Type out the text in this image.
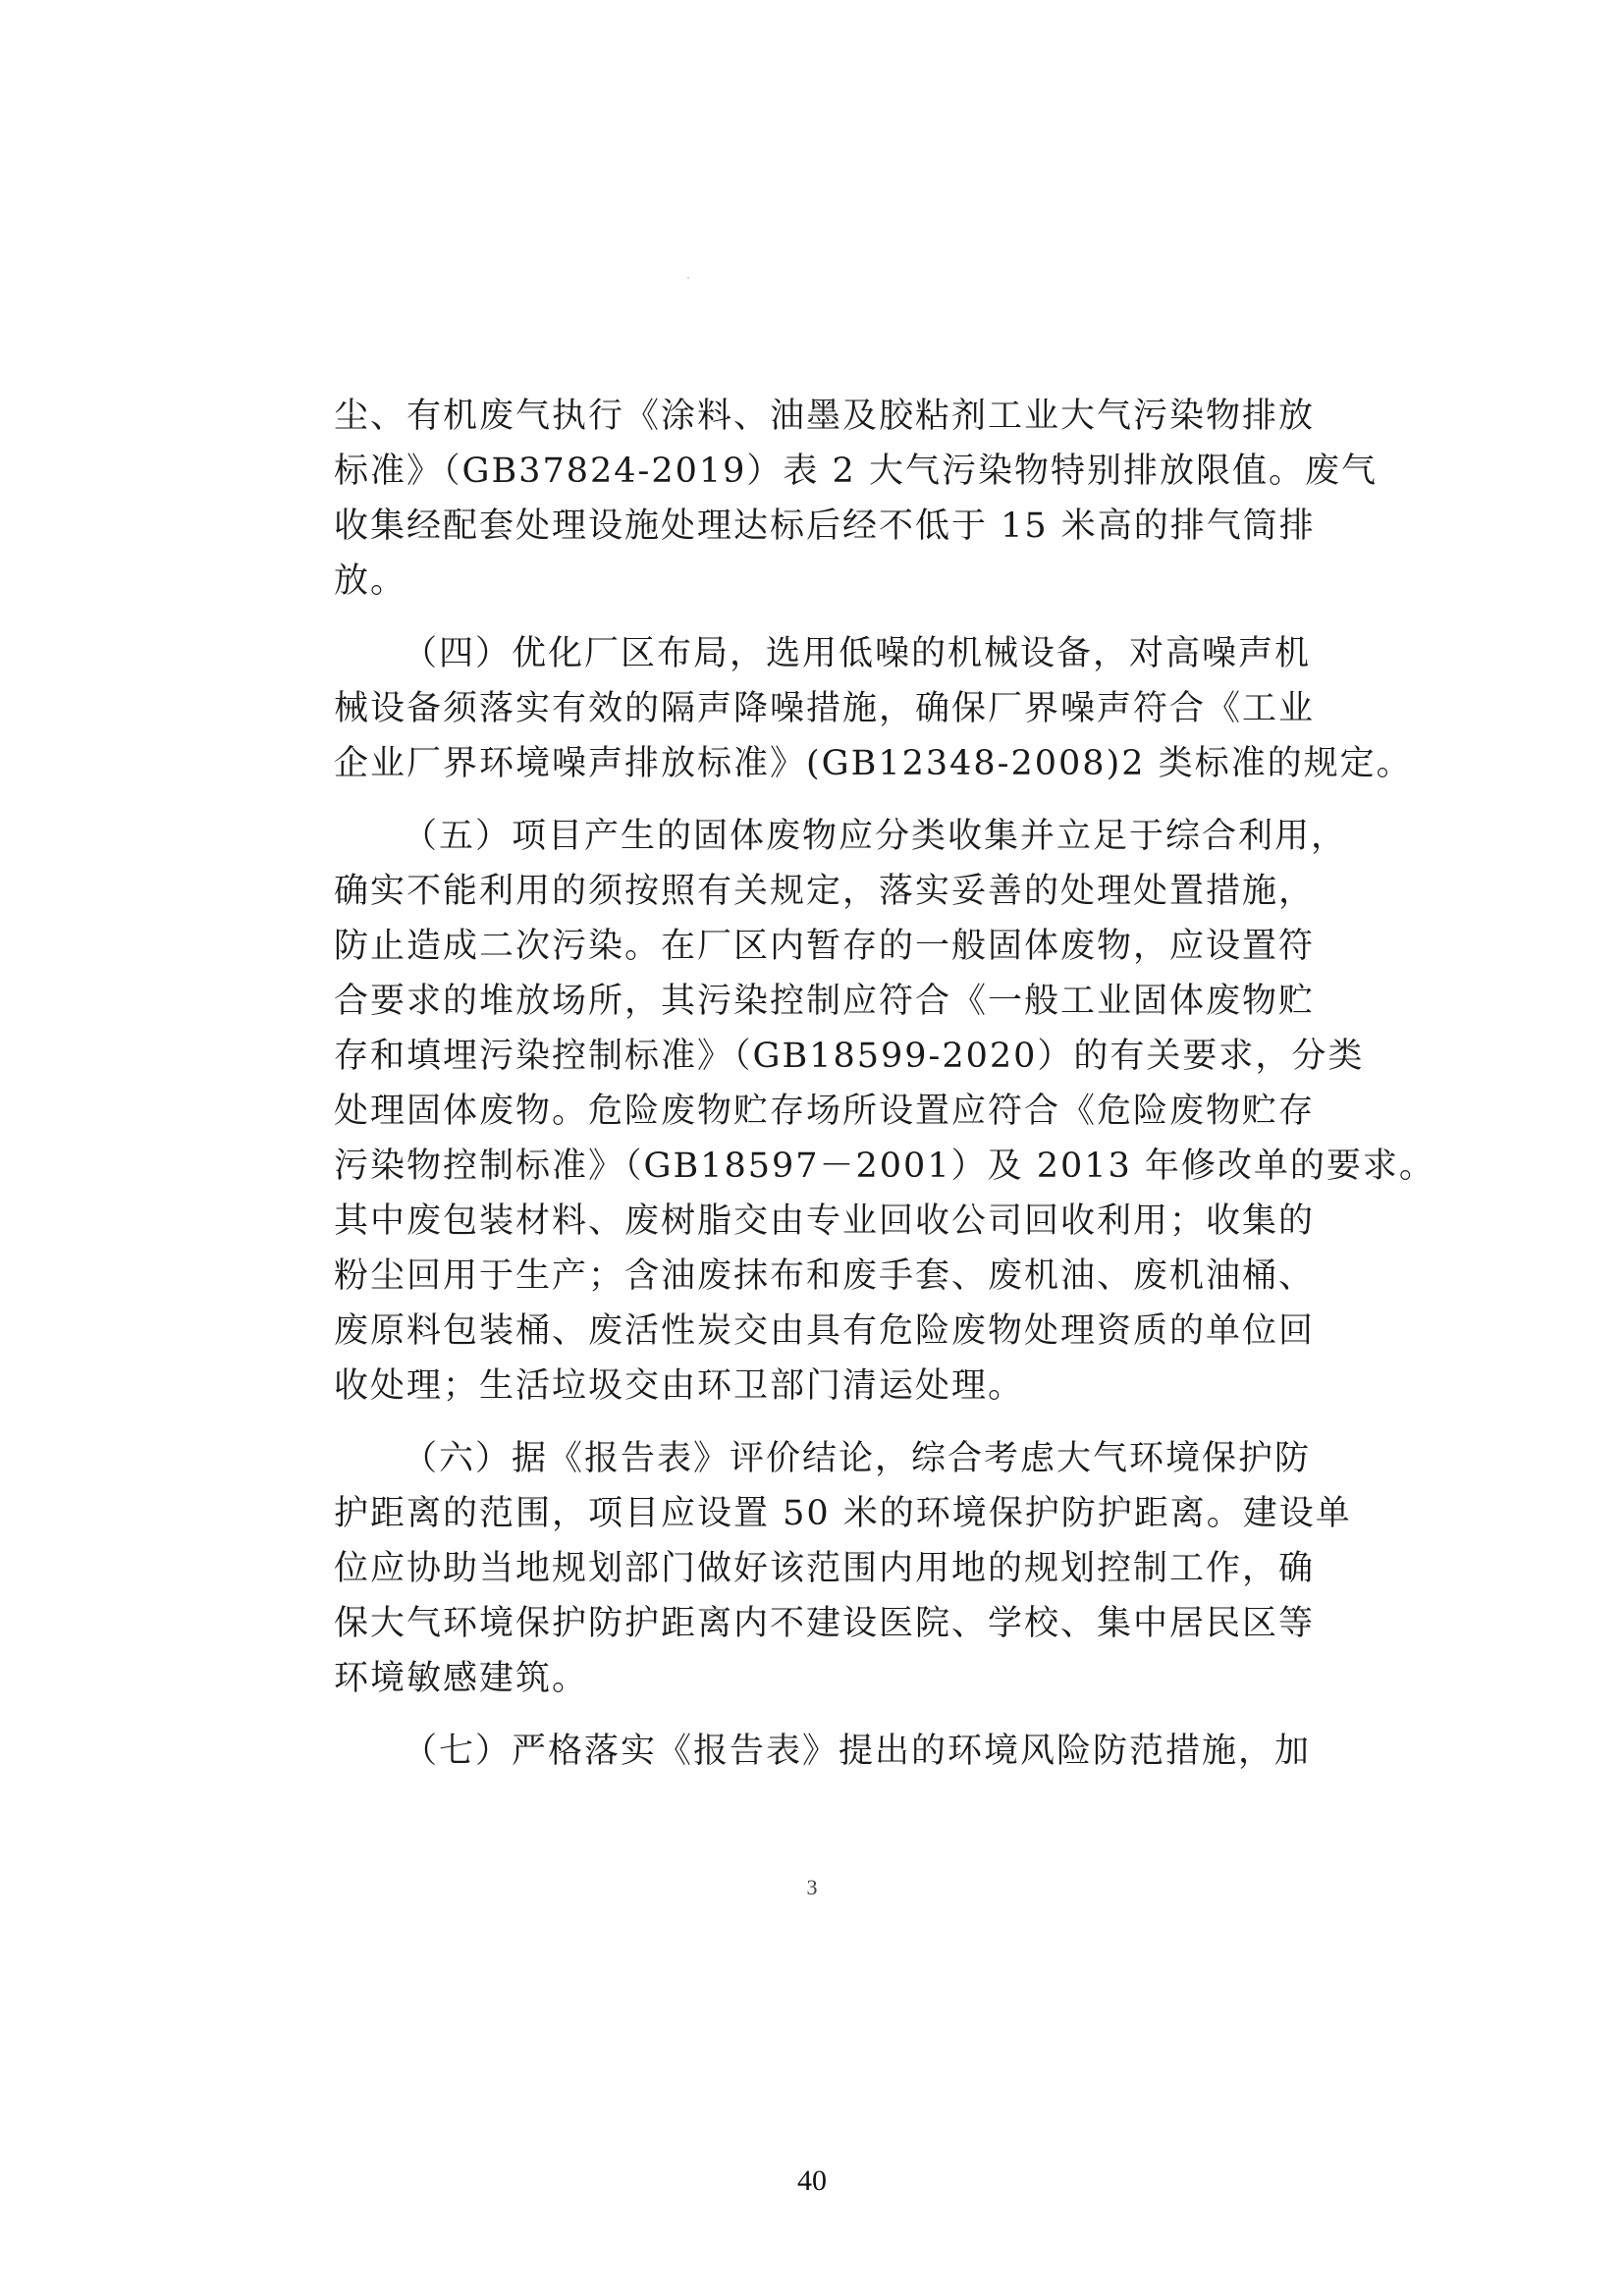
尘、有机废气执行《涂料、油墨及胶粘剂工业大气污染物排放
标准》（GB37824-2019）表 2 大气污染物特别排放限值。废气
收集经配套处理设施处理达标后经不低于 15 米高的排气筒排
放。
（四）优化厂区布局，选用低噪的机械设备，对高噪声机
械设备须落实有效的隔声降噪措施，确保厂界噪声符合《工业
企业厂界环境噪声排放标准》(GB12348-2008)2 类标准的规定。
（五）项目产生的固体废物应分类收集并立足于综合利用，
确实不能利用的须按照有关规定，落实妥善的处理处置措施，
防止造成二次污染。在厂区内暂存的一般固体废物，应设置符
合要求的堆放场所，其污染控制应符合《一般工业固体废物贮
存和填埋污染控制标准》（GB18599-2020）的有关要求，分类
处理固体废物。危险废物贮存场所设置应符合《危险废物贮存
污染物控制标准》（GB18597－2001）及 2013 年修改单的要求。
其中废包装材料、废树脂交由专业回收公司回收利用；收集的
粉尘回用于生产；含油废抹布和废手套、废机油、废机油桶、
废原料包装桶、废活性炭交由具有危险废物处理资质的单位回
收处理；生活垃圾交由环卫部门清运处理。
（六）据《报告表》评价结论，综合考虑大气环境保护防
护距离的范围，项目应设置 50 米的环境保护防护距离。建设单
位应协助当地规划部门做好该范围内用地的规划控制工作，确
保大气环境保护防护距离内不建设医院、学校、集中居民区等
环境敏感建筑。
（七）严格落实《报告表》提出的环境风险防范措施，加
3
40
